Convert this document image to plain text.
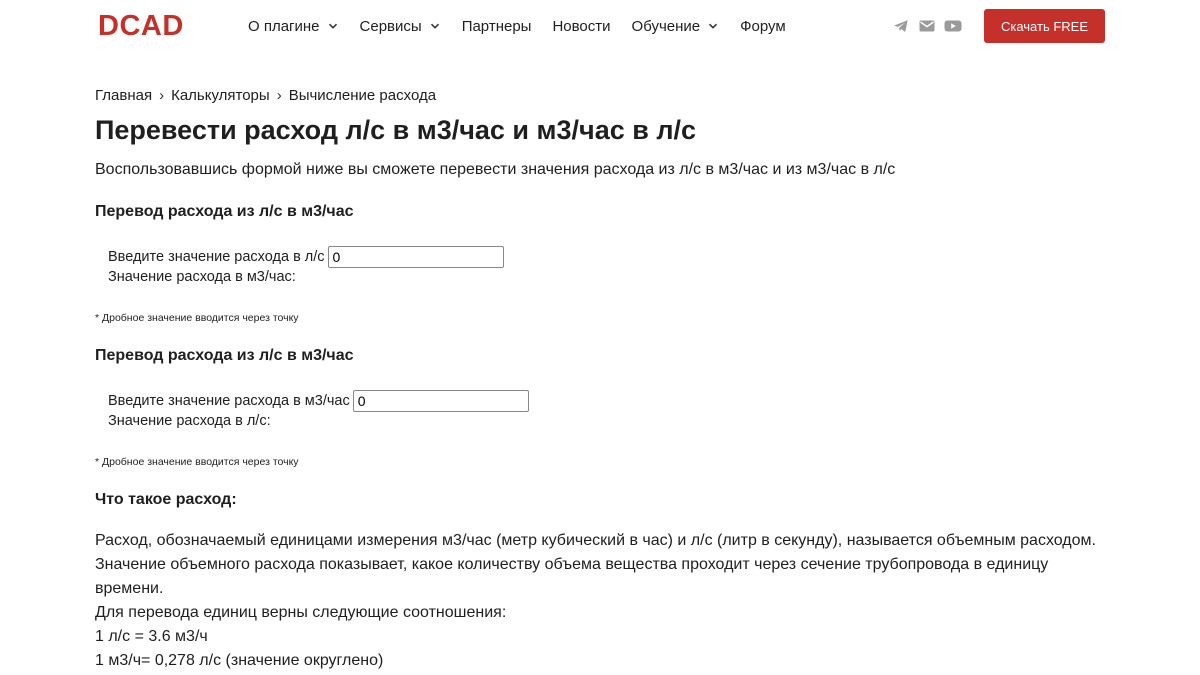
DCAD	О плагине	Сервисы	Партнеры Новости Обучение	Форум	Скачать FREE
Главная › Калькуляторы › Вычисление расхода
Перевести расход л/с в м3/час и м3/час в л/с
Воспользовавшись формой ниже вы сможете перевести значения расхода из л/с в м3/час и из м3/час в л/с
Перевод расхода из л/с в м3/час
Введите значение расхода в л/с
0
Значение расхода в м3/час:
* Дробное значение вводится через точку
Перевод расхода из л/с в м3/час
Введите значение расхода в м3/час
0
Значение расхода в л/с:
* Дробное значение вводится через точку
Что такое расход:

Расход, обозначаемый единицами измерения м3/час (метр кубический в час) и л/с (литр в секунду), называется объемным расходом. Значение объемного расхода показывает, какое количеству объема вещества проходит через сечение трубопровода в единицу времени.

Для перевода единиц верны следующие соотношения:

1 л/с = 3.6 м3/ч

1 м3/ч= 0,278 л/с (значение округлено)
